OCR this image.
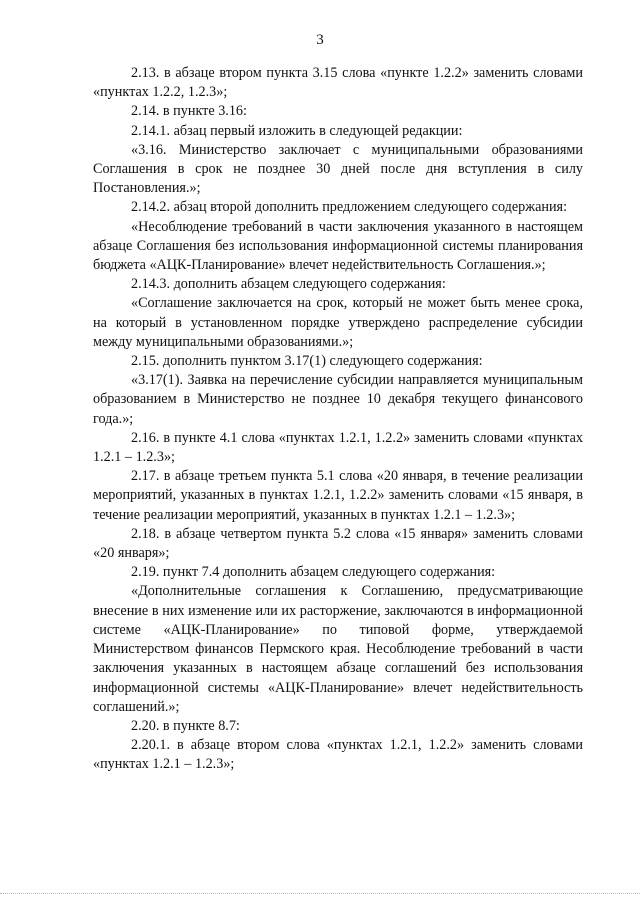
3

2.13. в абзаце втором пункта 3.15 слова «пункте 1.2.2» заменить словами «пунктах 1.2.2, 1.2.3»;

2.14. в пункте 3.16:

2.14.1. абзац первый изложить в следующей редакции:

«3.16. Министерство заключает с муниципальными образованиями Соглашения в срок не позднее 30 дней после дня вступления в силу Постановления.»;

2.14.2. абзац второй дополнить предложением следующего содержания:

«Несоблюдение требований в части заключения указанного в настоящем абзаце Соглашения без использования информационной системы планирования бюджета «АЦК-Планирование» влечет недействительность Соглашения.»;

2.14.3. дополнить абзацем следующего содержания:

«Соглашение заключается на срок, который не может быть менее срока, на который в установленном порядке утверждено распределение субсидии между муниципальными образованиями.»;

2.15. дополнить пунктом 3.17(1) следующего содержания:

«3.17(1). Заявка на перечисление субсидии направляется муниципальным образованием в Министерство не позднее 10 декабря текущего финансового года.»;

2.16. в пункте 4.1 слова «пунктах 1.2.1, 1.2.2» заменить словами «пунктах 1.2.1 – 1.2.3»;

2.17. в абзаце третьем пункта 5.1 слова «20 января, в течение реализации мероприятий, указанных в пунктах 1.2.1, 1.2.2» заменить словами «15 января, в течение реализации мероприятий, указанных в пунктах 1.2.1 – 1.2.3»;

2.18. в абзаце четвертом пункта 5.2 слова «15 января» заменить словами «20 января»;

2.19. пункт 7.4 дополнить абзацем следующего содержания:

«Дополнительные соглашения к Соглашению, предусматривающие внесение в них изменение или их расторжение, заключаются в информационной системе «АЦК-Планирование» по типовой форме, утверждаемой Министерством финансов Пермского края. Несоблюдение требований в части заключения указанных в настоящем абзаце соглашений без использования информационной системы «АЦК-Планирование» влечет недействительность соглашений.»;

2.20. в пункте 8.7:

2.20.1. в абзаце втором слова «пунктах 1.2.1, 1.2.2» заменить словами «пунктах 1.2.1 – 1.2.3»;
